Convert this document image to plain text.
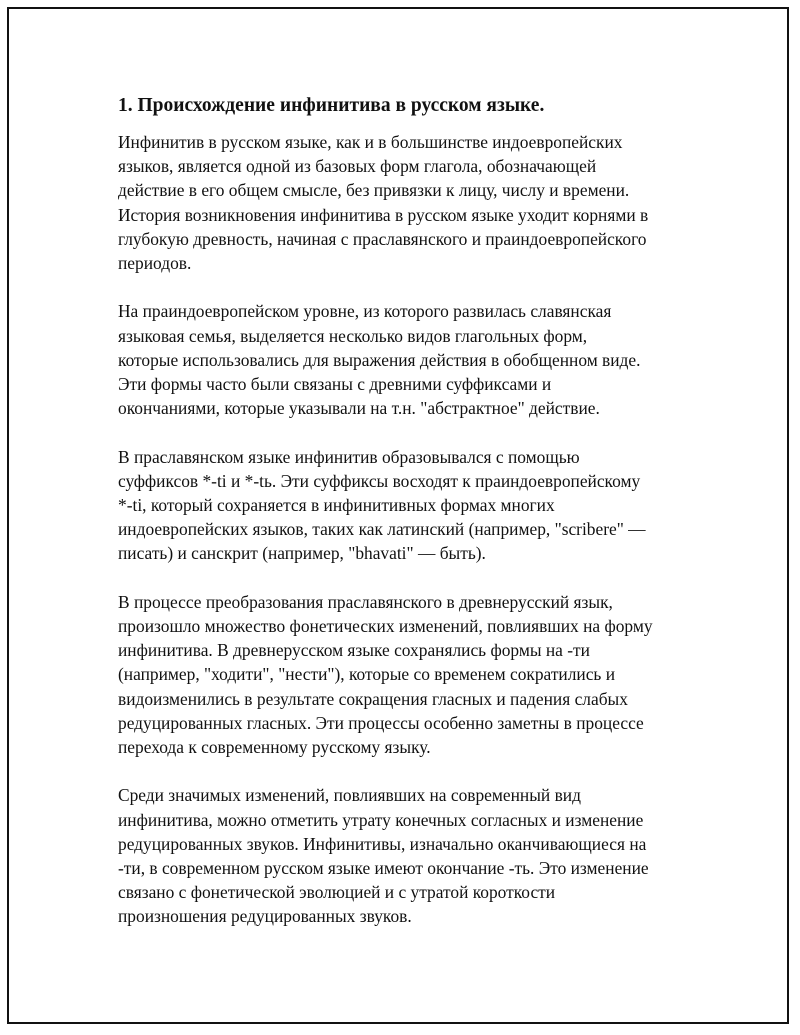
1. Происхождение инфинитива в русском языке.

Инфинитив в русском языке, как и в большинстве индоевропейских
языков, является одной из базовых форм глагола, обозначающей
действие в его общем смысле, без привязки к лицу, числу и времени.
История возникновения инфинитива в русском языке уходит корнями в
глубокую древность, начиная с праславянского и праиндоевропейского
периодов.

На праиндоевропейском уровне, из которого развилась славянская
языковая семья, выделяется несколько видов глагольных форм,
которые использовались для выражения действия в обобщенном виде.
Эти формы часто были связаны с древними суффиксами и
окончаниями, которые указывали на т.н. "абстрактное" действие.

В праславянском языке инфинитив образовывался с помощью
суффиксов *-ti и *-tь. Эти суффиксы восходят к праиндоевропейскому
*-ti, который сохраняется в инфинитивных формах многих
индоевропейских языков, таких как латинский (например, "scribere" —
писать) и санскрит (например, "bhavati" — быть).

В процессе преобразования праславянского в древнерусский язык,
произошло множество фонетических изменений, повлиявших на форму
инфинитива. В древнерусском языке сохранялись формы на -ти
(например, "ходити", "нести"), которые со временем сократились и
видоизменились в результате сокращения гласных и падения слабых
редуцированных гласных. Эти процессы особенно заметны в процессе
перехода к современному русскому языку.

Среди значимых изменений, повлиявших на современный вид
инфинитива, можно отметить утрату конечных согласных и изменение
редуцированных звуков. Инфинитивы, изначально оканчивающиеся на
-ти, в современном русском языке имеют окончание -ть. Это изменение
связано с фонетической эволюцией и с утратой короткости
произношения редуцированных звуков.
